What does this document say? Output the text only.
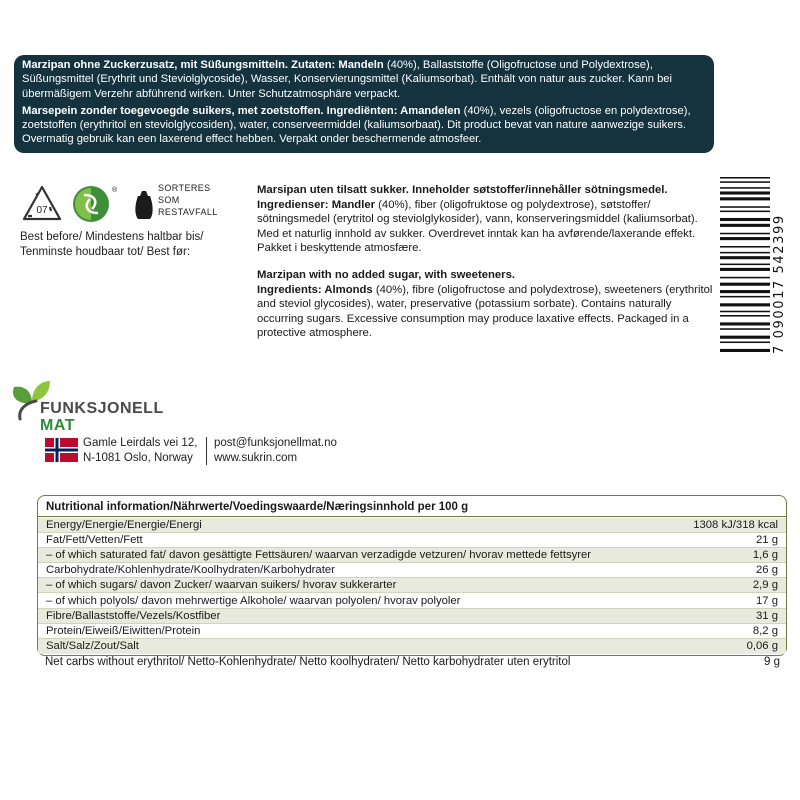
Marzipan ohne Zuckerzusatz, mit Süßungsmitteln. Zutaten: Mandeln (40%), Ballaststoffe (Oligofructose und Polydextrose), Süßungsmittel (Erythrit und Steviolglycoside), Wasser, Konservierungsmittel (Kaliumsorbat). Enthält von natur aus zucker. Kann bei übermäßigem Verzehr abführend wirken. Unter Schutzatmosphäre verpackt.

Marsepein zonder toegevoegde suikers, met zoetstoffen. Ingrediënten: Amandelen (40%), vezels (oligofructose en polydextrose), zoetstoffen (erythritol en steviolglycosiden), water, conserveermiddel (kaliumsorbaat). Dit product bevat van nature aanwezige suikers. Overmatig gebruik kan een laxerend effect hebben. Verpakt onder beschermende atmosfeer.

07
®	SORTERES
SOM
RESTAVFALL
Best before/ Mindestens haltbar bis/
Tenminste houdbaar tot/ Best før:
Marsipan uten tilsatt sukker. Inneholder søtstoffer/innehåller sötningsmedel.
Ingredienser: Mandler (40%), fiber (oligofruktose og polydextrose), søtstoffer/ sötningsmedel (erytritol og steviolglykosider), vann, konserveringsmiddel (kaliumsorbat). Med et naturlig innhold av sukker. Overdrevet inntak kan ha avførende/laxerande effekt. Pakket i beskyttende atmosfære.
Marzipan with no added sugar, with sweeteners.
Ingredients: Almonds (40%), fibre (oligofructose and polydextrose), sweeteners (erythritol and steviol glycosides), water, preservative (potassium sorbate). Contains naturally occurring sugars. Excessive consumption may produce laxative effects. Packaged in a protective atmosphere.	7 090017 542399
FUNKSJONELL
MAT
Gamle Leirdals vei 12,
N-1081 Oslo, Norway
post@funksjonellmat.no
www.sukrin.com
Nutritional information/Nährwerte/Voedingswaarde/Næringsinnhold per 100 g
Energy/Energie/Energie/Energi	1308 kJ/318 kcal
Fat/Fett/Vetten/Fett	21 g
– of which saturated fat/ davon gesättigte Fettsäuren/ waarvan verzadigde vetzuren/ hvorav mettede fettsyrer	1,6 g
Carbohydrate/Kohlenhydrate/Koolhydraten/Karbohydrater	26 g
– of which sugars/ davon Zucker/ waarvan suikers/ hvorav sukkerarter	2,9 g
– of which polyols/ davon mehrwertige Alkohole/ waarvan polyolen/ hvorav polyoler	17 g
Fibre/Ballaststoffe/Vezels/Kostfiber	31 g
Protein/Eiweiß/Eiwitten/Protein	8,2 g
Salt/Salz/Zout/Salt	0,06 g
Net carbs without erythritol/ Netto-Kohlenhydrate/ Netto koolhydraten/ Netto karbohydrater uten erytritol	9 g
